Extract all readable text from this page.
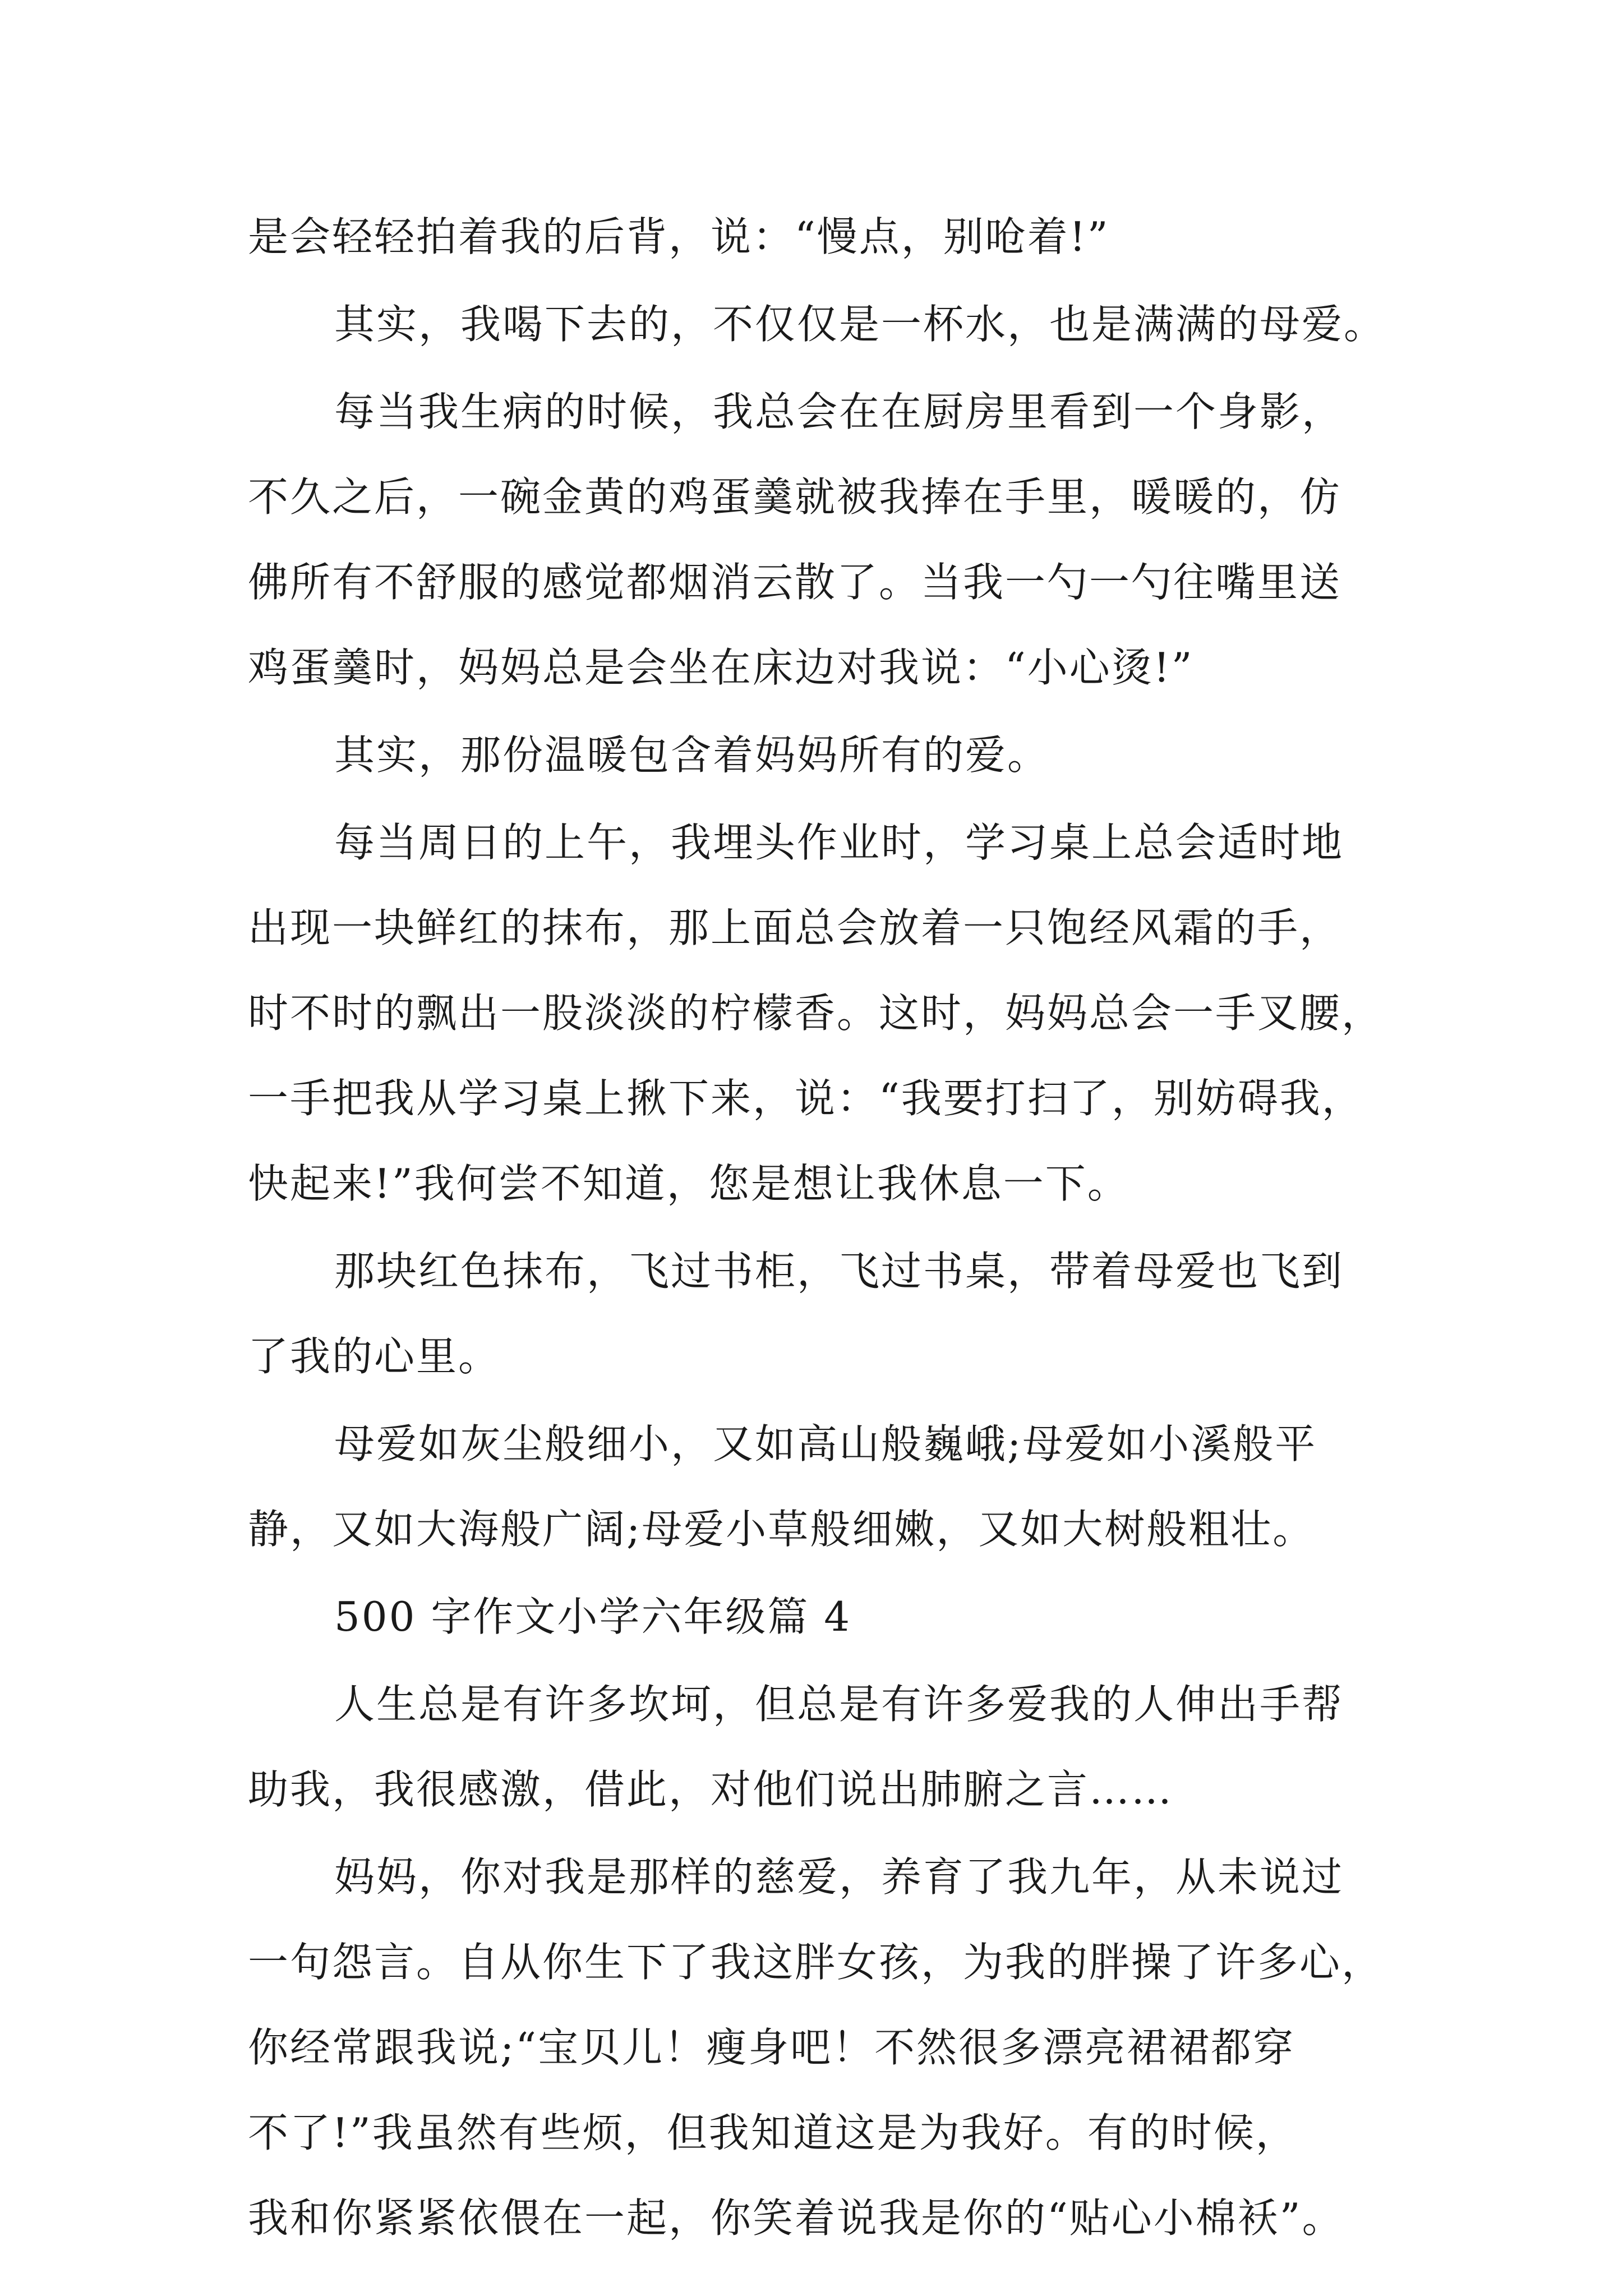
是会轻轻拍着我的后背，说：“慢点，别呛着!”
其实，我喝下去的，不仅仅是一杯水，也是满满的母爱。
每当我生病的时候，我总会在在厨房里看到一个身影，
不久之后，一碗金黄的鸡蛋羹就被我捧在手里，暖暖的，仿
佛所有不舒服的感觉都烟消云散了。当我一勺一勺往嘴里送
鸡蛋羹时，妈妈总是会坐在床边对我说：“小心烫!”
其实，那份温暖包含着妈妈所有的爱。
每当周日的上午，我埋头作业时，学习桌上总会适时地
出现一块鲜红的抹布，那上面总会放着一只饱经风霜的手，
时不时的飘出一股淡淡的柠檬香。这时，妈妈总会一手叉腰，
一手把我从学习桌上揪下来，说：“我要打扫了，别妨碍我，
快起来!”我何尝不知道，您是想让我休息一下。
那块红色抹布，飞过书柜，飞过书桌，带着母爱也飞到
了我的心里。
母爱如灰尘般细小，又如高山般巍峨;母爱如小溪般平
静，又如大海般广阔;母爱小草般细嫩，又如大树般粗壮。
500 字作文小学六年级篇 4
人生总是有许多坎坷，但总是有许多爱我的人伸出手帮
助我，我很感激，借此，对他们说出肺腑之言……
妈妈，你对我是那样的慈爱，养育了我九年，从未说过
一句怨言。自从你生下了我这胖女孩，为我的胖操了许多心，
你经常跟我说;“宝贝儿！瘦身吧！不然很多漂亮裙裙都穿
不了!”我虽然有些烦，但我知道这是为我好。有的时候，
我和你紧紧依偎在一起，你笑着说我是你的“贴心小棉袄”。
